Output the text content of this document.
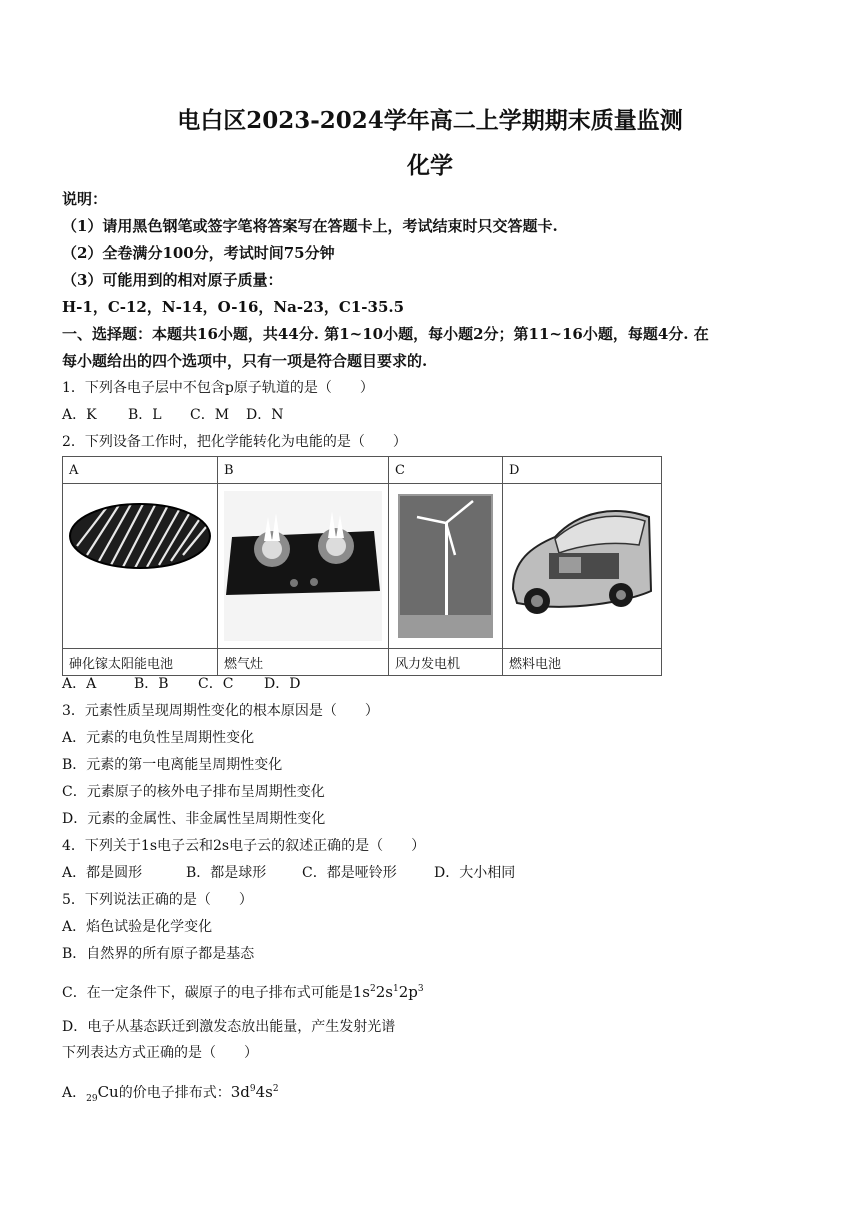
电白区2023-2024学年高二上学期期末质量监测
化学
说明：
（1）请用黑色钢笔或签字笔将答案写在答题卡上，考试结束时只交答题卡.
（2）全卷满分100分，考试时间75分钟
（3）可能用到的相对原子质量：
H-1，C-12，N-14，O-16，Na-23，C1-35.5
一、选择题：本题共16小题，共44分. 第1~10小题，每小题2分；第11~16小题，每题4分. 在
每小题给出的四个选项中，只有一项是符合题目要求的.
1．下列各电子层中不包含p原子轨道的是（　　）
A．K B．L C．M D．N
2．下列设备工作时，把化学能转化为电能的是（　　）
A	B	C	D

砷化镓太阳能电池	燃气灶	风力发电机	燃料电池
A．A	B．B C．C D．D
3．元素性质呈现周期性变化的根本原因是（　　）
A．元素的电负性呈周期性变化
B．元素的第一电离能呈周期性变化
C．元素原子的核外电子排布呈周期性变化
D．元素的金属性、非金属性呈周期性变化
4．下列关于1s电子云和2s电子云的叙述正确的是（　　）
A．都是圆形	B．都是球形	C．都是哑铃形	D．大小相同
5．下列说法正确的是（　　）
A．焰色试验是化学变化
B．自然界的所有原子都是基态
C．在一定条件下，碳原子的电子排布式可能是$1s^22s^12p^3$
D．电子从基态跃迁到激发态放出能量，产生发射光谱
下列表达方式正确的是（　　）
A．$_{29}$Cu的价电子排布式：$3d^94s^2$
